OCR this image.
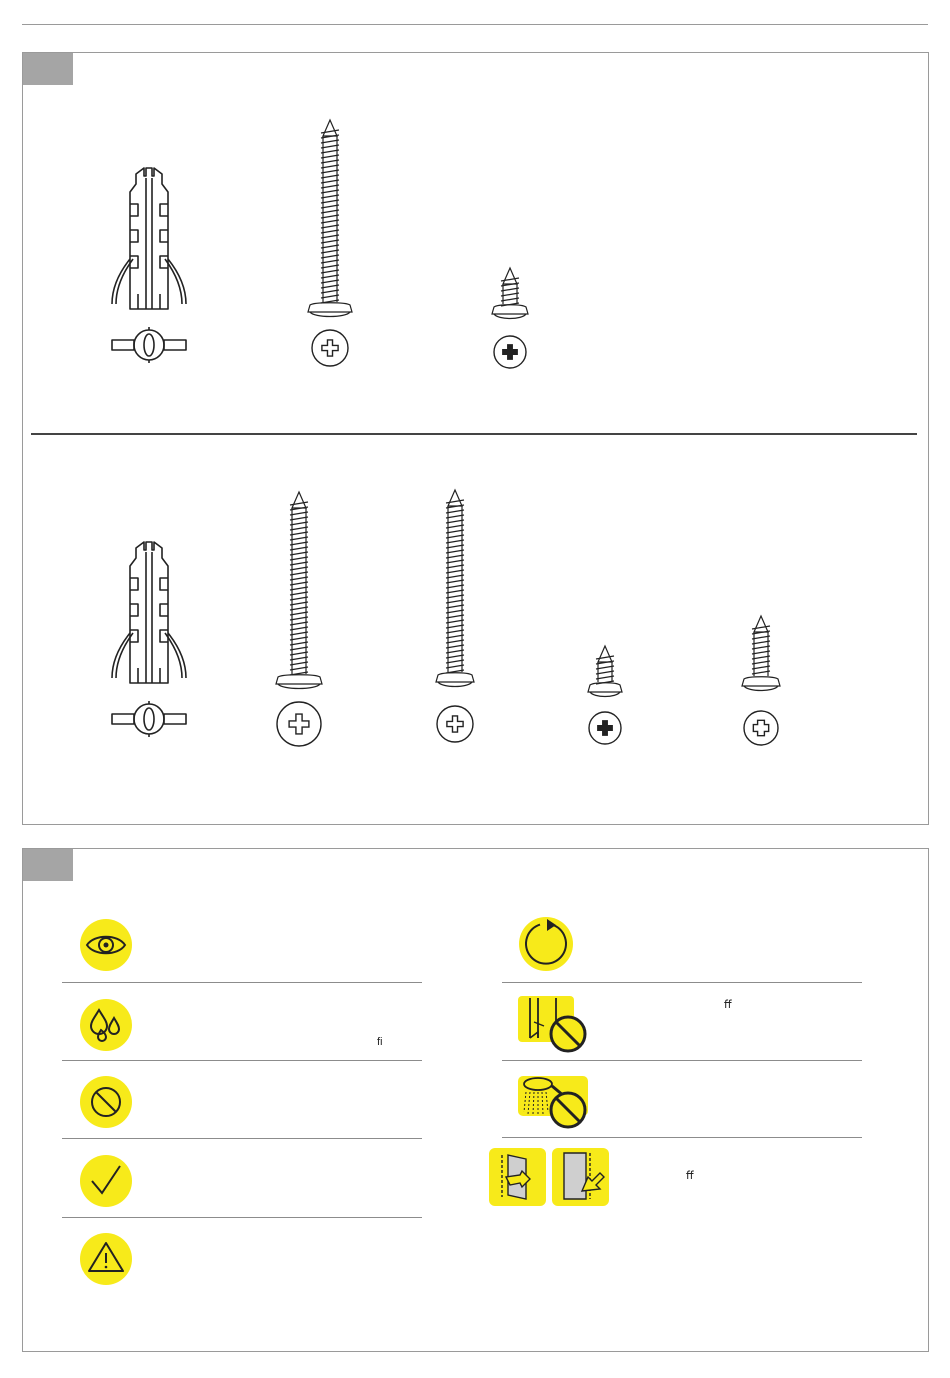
ﬁ
ﬀ
ﬀ
